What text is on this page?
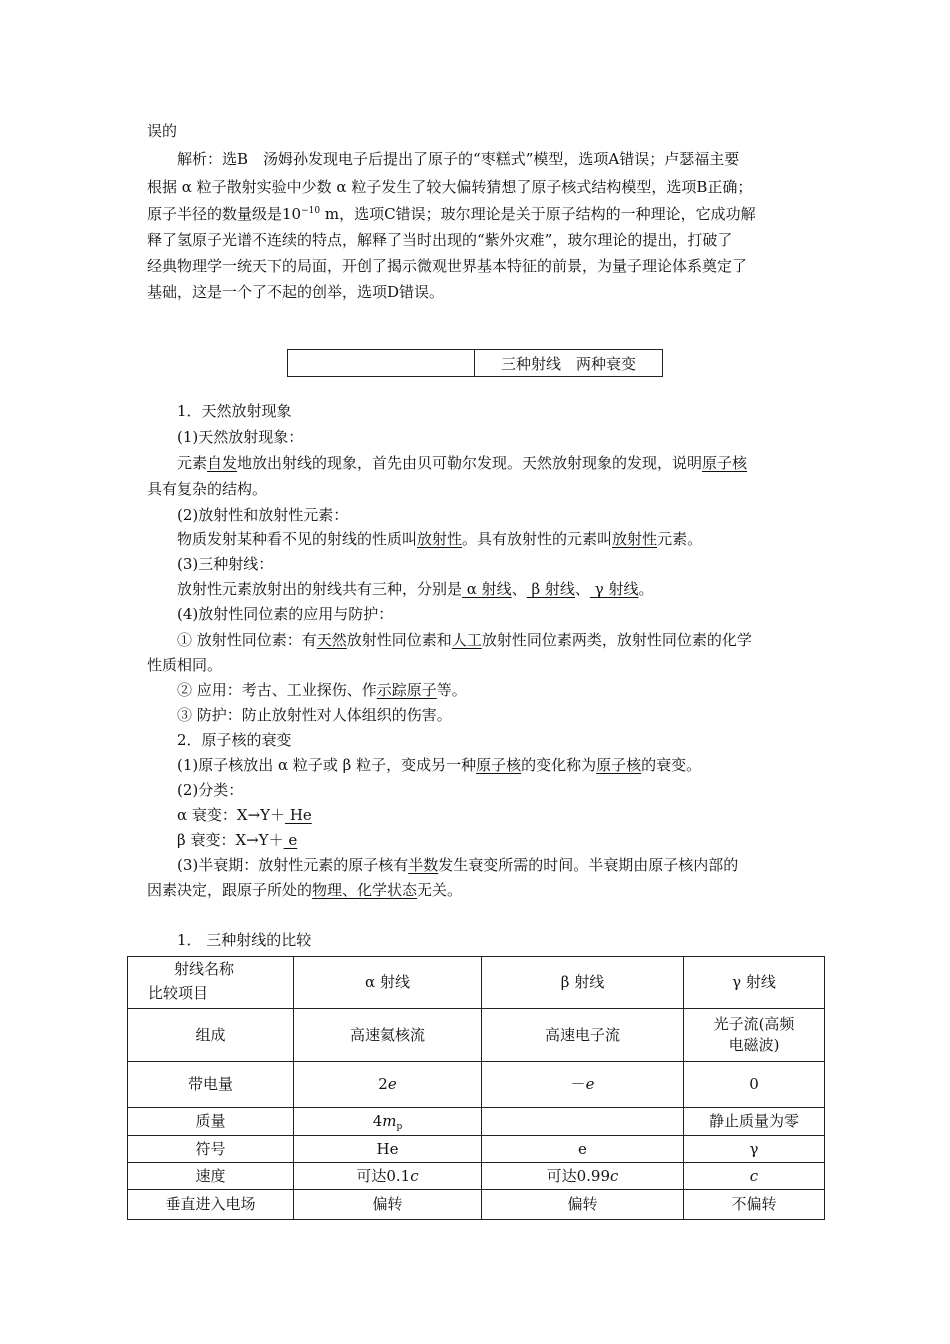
误的
解析：选B　汤姆孙发现电子后提出了原子的“枣糕式”模型，选项A错误；卢瑟福主要
根据 α 粒子散射实验中少数 α 粒子发生了较大偏转猜想了原子核式结构模型，选项B正确；
原子半径的数量级是$10^{-10}$ m，选项C错误；玻尔理论是关于原子结构的一种理论，它成功解
释了氢原子光谱不连续的特点，解释了当时出现的“紫外灾难”，玻尔理论的提出，打破了
经典物理学一统天下的局面，开创了揭示微观世界基本特征的前景，为量子理论体系奠定了
基础，这是一个了不起的创举，选项D错误。
三种射线　两种衰变
1．天然放射现象
(1)天然放射现象：
元素自发地放出射线的现象，首先由贝可勒尔发现。天然放射现象的发现，说明原子核
具有复杂的结构。
(2)放射性和放射性元素：
物质发射某种看不见的射线的性质叫放射性。具有放射性的元素叫放射性元素。
(3)三种射线：
放射性元素放射出的射线共有三种，分别是 α 射线、 β 射线、 γ 射线。
(4)放射性同位素的应用与防护：
① 放射性同位素：有天然放射性同位素和人工放射性同位素两类，放射性同位素的化学
性质相同。
② 应用：考古、工业探伤、作示踪原子等。
③ 防护：防止放射性对人体组织的伤害。
2．原子核的衰变
(1)原子核放出 α 粒子或 β 粒子，变成另一种原子核的变化称为原子核的衰变。
(2)分类：
α 衰变：X→Y＋ He
β 衰变：X→Y＋ e
(3)半衰期：放射性元素的原子核有半数发生衰变所需的时间。半衰期由原子核内部的
因素决定，跟原子所处的物理、化学状态无关。
1． 三种射线的比较
射线名称
比较项目	α 射线	β 射线	γ 射线
组成	高速氦核流	高速电子流	光子流(高频
电磁波)

带电量	2e	－e	0
质量	$4m_p$		静止质量为零
符号	He	e	γ
速度	可达0.1c	可达0.99c	c
垂直进入电场	偏转	偏转	不偏转
